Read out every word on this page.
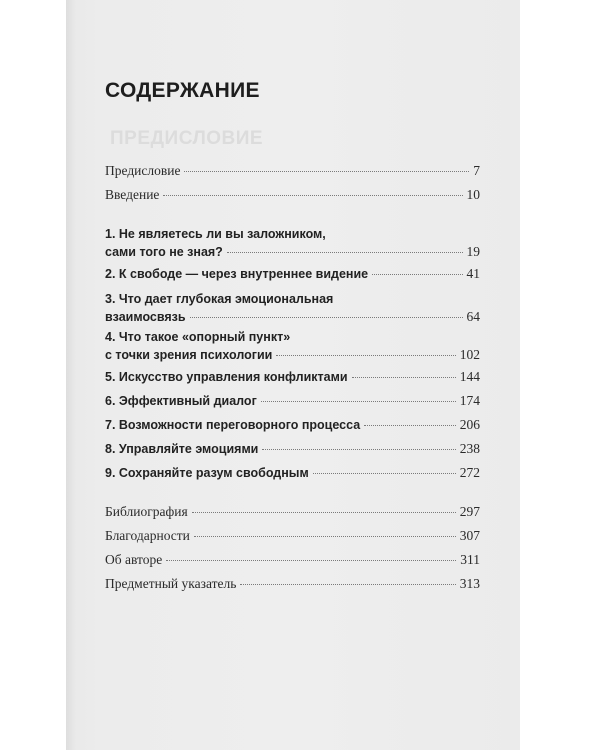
ПРЕДИСЛОВИЕ
СОДЕРЖАНИЕ
Предисловие	7
Введение	10
1. Не являетесь ли вы заложником,
сами того не зная?	19
2. К свободе — через внутреннее видение	41
3. Что дает глубокая эмоциональная
взаимосвязь	64
4. Что такое «опорный пункт»
с точки зрения психологии	102
5. Искусство управления конфликтами	144
6. Эффективный диалог	174
7. Возможности переговорного процесса	206
8. Управляйте эмоциями	238
9. Сохраняйте разум свободным	272
Библиография	297
Благодарности	307
Об авторе	311
Предметный указатель	313
